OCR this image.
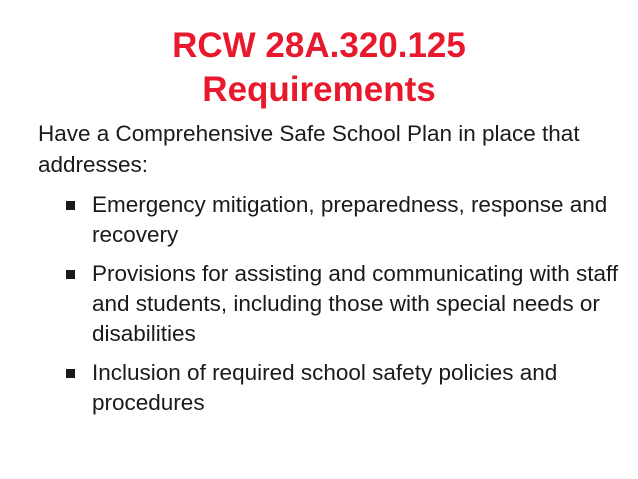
RCW 28A.320.125
Requirements
Have a Comprehensive Safe School Plan in place that addresses:
Emergency mitigation, preparedness, response and recovery
Provisions for assisting and communicating with staff and students, including those with special needs or disabilities
Inclusion of required school safety policies and procedures
